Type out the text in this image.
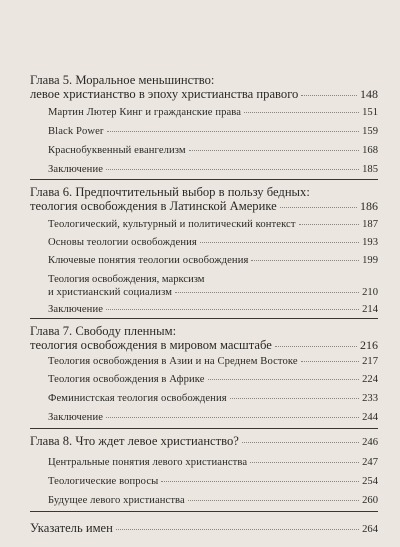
Глава 5. Моральное меньшинство:
левое христианство в эпоху христианства правого	148
Мартин Лютер Кинг и гражданские права	151
Black Power	159
Краснобуквенный евангелизм	168
Заключение	185
Глава 6. Предпочтительный выбор в пользу бедных:
теология освобождения в Латинской Америке	186
Теологический, культурный и политический контекст	187
Основы теологии освобождения	193
Ключевые понятия теологии освобождения	199
Теология освобождения, марксизм
и христианский социализм	210
Заключение	214
Глава 7. Свободу пленным:
теология освобождения в мировом масштабе	216
Теология освобождения в Азии и на Среднем Востоке	217
Теология освобождения в Африке	224
Феминистская теология освобождения	233
Заключение	244
Глава 8. Что ждет левое христианство?	246
Центральные понятия левого христианства	247
Теологические вопросы	254
Будущее левого христианства	260
Указатель имен	264
